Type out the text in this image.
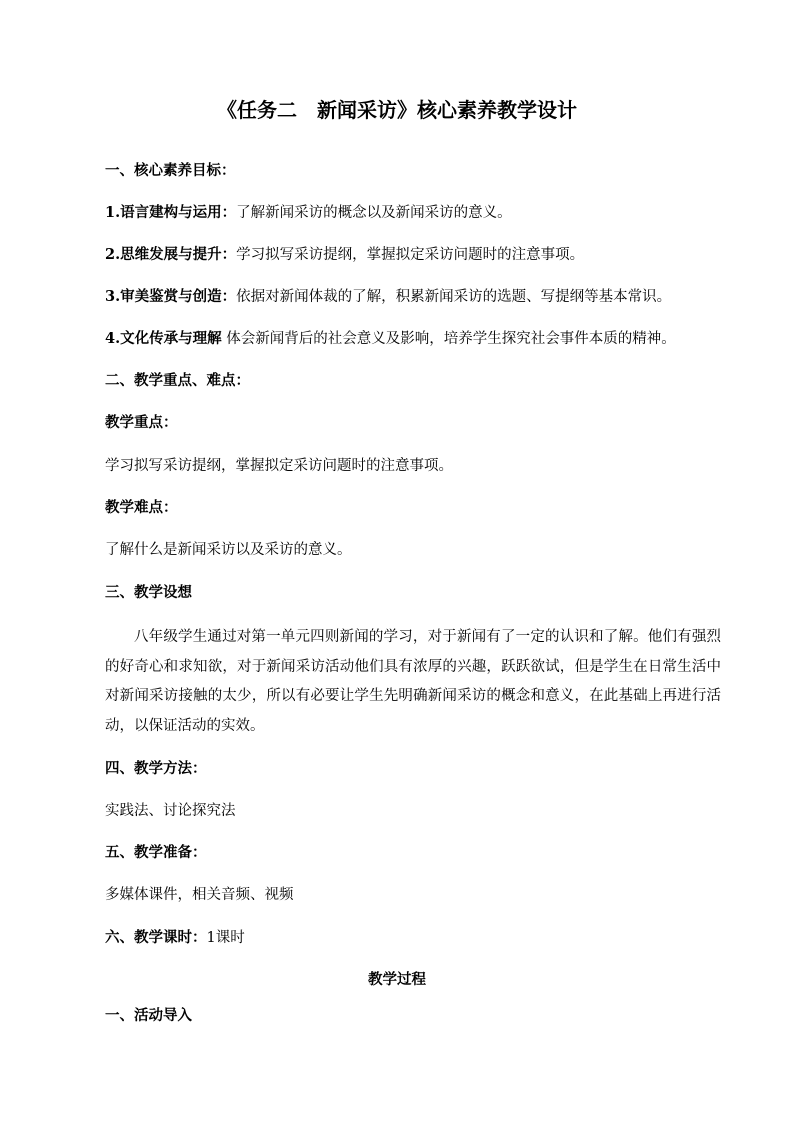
《任务二　新闻采访》核心素养教学设计
一、核心素养目标：
1.语言建构与运用：了解新闻采访的概念以及新闻采访的意义。
2.思维发展与提升：学习拟写采访提纲，掌握拟定采访问题时的注意事项。
3.审美鉴赏与创造：依据对新闻体裁的了解，积累新闻采访的选题、写提纲等基本常识。
4.文化传承与理解 体会新闻背后的社会意义及影响，培养学生探究社会事件本质的精神。
二、教学重点、难点：
教学重点：
学习拟写采访提纲，掌握拟定采访问题时的注意事项。
教学难点：
了解什么是新闻采访以及采访的意义。
三、教学设想
八年级学生通过对第一单元四则新闻的学习，对于新闻有了一定的认识和了解。他们有强烈的好奇心和求知欲，对于新闻采访活动他们具有浓厚的兴趣，跃跃欲试，但是学生在日常生活中对新闻采访接触的太少，所以有必要让学生先明确新闻采访的概念和意义，在此基础上再进行活动，以保证活动的实效。
四、教学方法：
实践法、讨论探究法
五、教学准备：
多媒体课件，相关音频、视频
六、教学课时：1课时
教学过程
一、活动导入
